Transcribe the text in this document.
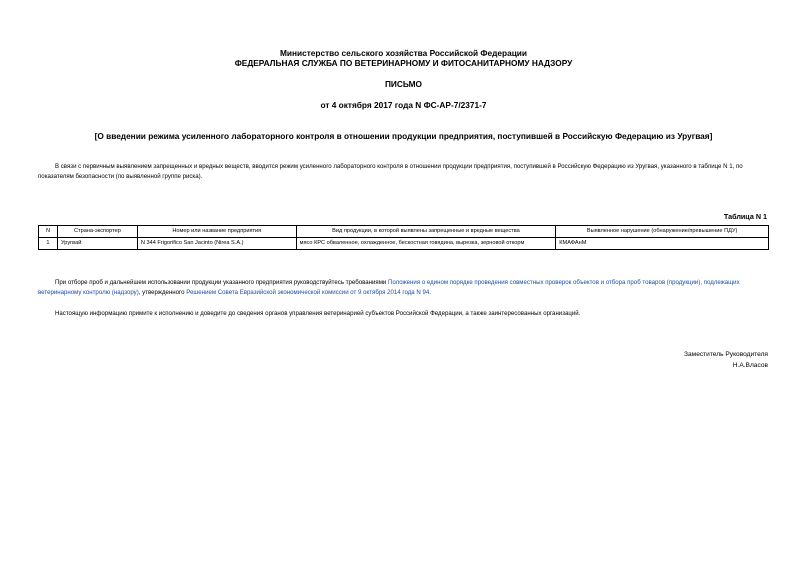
Министерство сельского хозяйства Российской Федерации
ФЕДЕРАЛЬНАЯ СЛУЖБА ПО ВЕТЕРИНАРНОМУ И ФИТОСАНИТАРНОМУ НАДЗОРУ
ПИСЬМО
от 4 октября 2017 года N ФС-АР-7/2371-7
[О введении режима усиленного лабораторного контроля в отношении продукции предприятия, поступившей в Российскую Федерацию из Уругвая]
В связи с первичным выявлением запрещенных и вредных веществ, вводится режим усиленного лабораторного контроля в отношении продукции предприятия, поступившей в Российскую Федерацию из Уругвая, указанного в таблице N 1, по показателям безопасности (по выявленной группе риска).
Таблица N 1
N	Страна-экспортер	Номер или название предприятия	Вид продукции, в которой выявлены запрещенные и вредные вещества	Выявленное нарушение (обнаружение/превышение ПДУ)
1	Уругвай	N 344 Frigorifico San Jacinto (Nirea S.A.)	мясо КРС обваленное, охлажденное, бескостная говядина, вырезка, зерновой откорм	КМАФАнМ
При отборе проб и дальнейшем использовании продукции указанного предприятия руководствуйтесь требованиями Положения о едином порядке проведения совместных проверок объектов и отбора проб товаров (продукции), подлежащих ветеринарному контролю (надзору), утвержденного Решением Совета Евразийской экономической комиссии от 9 октября 2014 года N 94.
Настоящую информацию примите к исполнению и доведите до сведения органов управления ветеринарией субъектов Российской Федерации, а также заинтересованных организаций.
Заместитель Руководителя
Н.А.Власов
